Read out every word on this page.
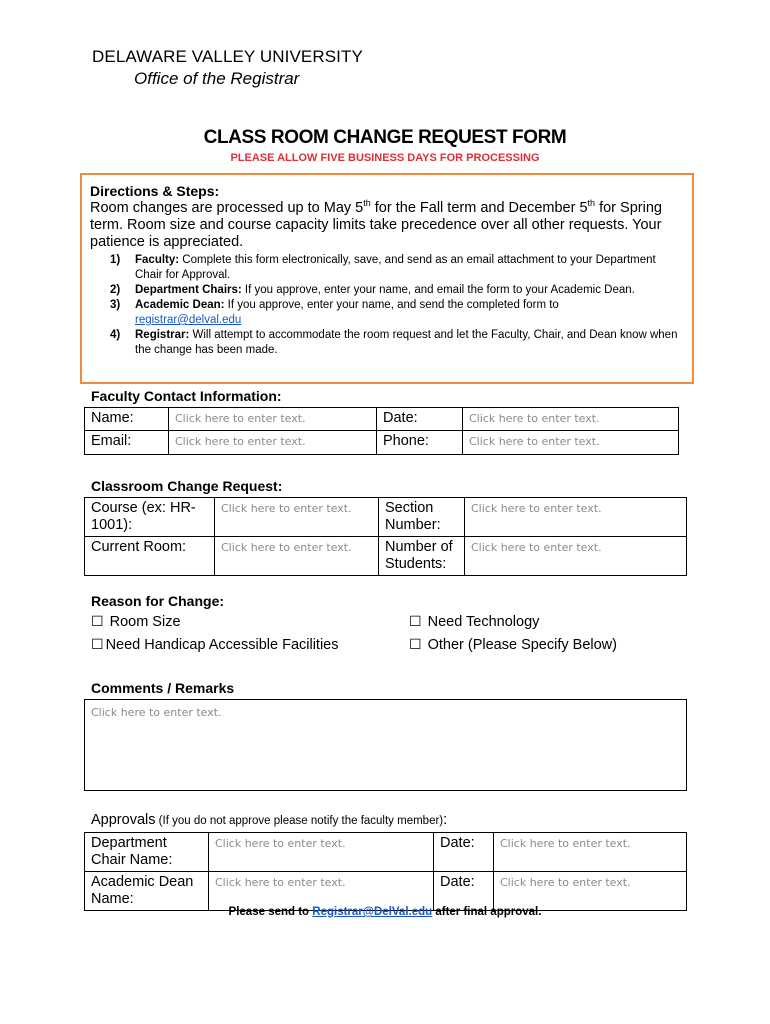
DELAWARE VALLEY UNIVERSITY
Office of the Registrar
CLASS ROOM CHANGE REQUEST FORM
PLEASE ALLOW FIVE BUSINESS DAYS FOR PROCESSING
Directions & Steps:
Room changes are processed up to May 5th for the Fall term and December 5th for Spring term. Room size and course capacity limits take precedence over all other requests. Your patience is appreciated.
1)	Faculty: Complete this form electronically, save, and send as an email attachment to your Department Chair for Approval.
2)	Department Chairs: If you approve, enter your name, and email the form to your Academic Dean.
3)	Academic Dean: If you approve, enter your name, and send the completed form to
registrar@delval.edu
4)	Registrar: Will attempt to accommodate the room request and let the Faculty, Chair, and Dean know when the change has been made.
Faculty Contact Information:
Name:	Click here to enter text.	Date:	Click here to enter text.
Email:	Click here to enter text.	Phone:	Click here to enter text.
Classroom Change Request:
Course (ex: HR-1001):	Click here to enter text.	Section Number:	Click here to enter text.
Current Room:	Click here to enter text.	Number of Students:	Click here to enter text.
Reason for Change:
☐ Room Size
☐ Need Handicap Accessible Facilities
☐ Need Technology
☐ Other (Please Specify Below)
Comments / Remarks
Click here to enter text.
Approvals (If you do not approve please notify the faculty member):
Department Chair Name:	Click here to enter text.	Date:	Click here to enter text.
Academic Dean Name:	Click here to enter text.	Date:	Click here to enter text.
Please send to Registrar@DelVal.edu after final approval.
